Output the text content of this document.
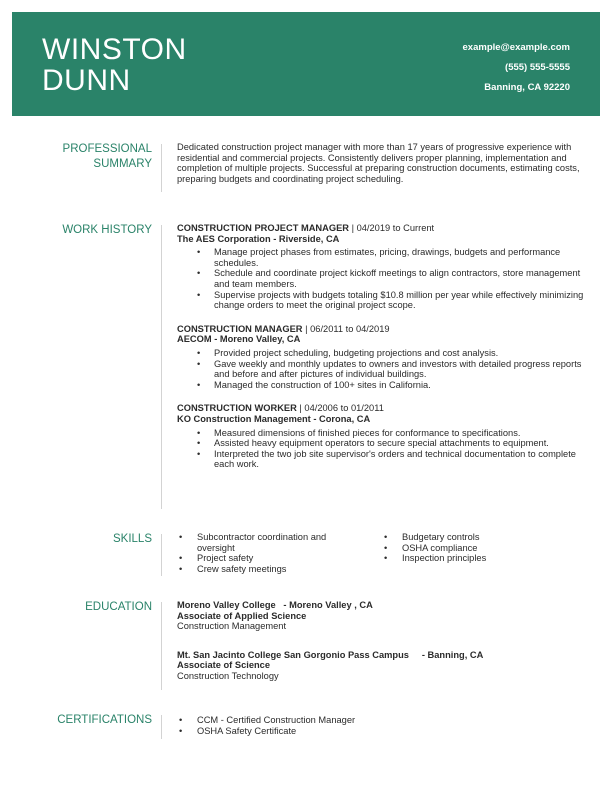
WINSTON
DUNN
example@example.com
(555) 555-5555
Banning, CA 92220
PROFESSIONAL
SUMMARY
Dedicated construction project manager with more than 17 years of progressive experience with residential and commercial projects. Consistently delivers proper planning, implementation and completion of multiple projects. Successful at preparing construction documents, estimating costs, preparing budgets and coordinating project scheduling.
WORK HISTORY	CONSTRUCTION PROJECT MANAGER | 04/2019 to Current
The AES Corporation - Riverside, CA
• Manage project phases from estimates, pricing, drawings, budgets and performance schedules.
• Schedule and coordinate project kickoff meetings to align contractors, store management and team members.
• Supervise projects with budgets totaling $10.8 million per year while effectively minimizing change orders to meet the original project scope.
CONSTRUCTION MANAGER | 06/2011 to 04/2019
AECOM - Moreno Valley, CA
• Provided project scheduling, budgeting projections and cost analysis.
• Gave weekly and monthly updates to owners and investors with detailed progress reports and before and after pictures of individual buildings.
• Managed the construction of 100+ sites in California.
CONSTRUCTION WORKER | 04/2006 to 01/2011
KO Construction Management - Corona, CA
• Measured dimensions of finished pieces for conformance to specifications.
• Assisted heavy equipment operators to secure special attachments to equipment.
• Interpreted the two job site supervisor's orders and technical documentation to complete each work.
SKILLS	• Subcontractor coordination and oversight
• Project safety
• Crew safety meetings
• Budgetary controls
• OSHA compliance
• Inspection principles
EDUCATION	Moreno Valley College   - Moreno Valley , CA
Associate of Applied Science
Construction Management
Mt. San Jacinto College San Gorgonio Pass Campus     - Banning, CA
Associate of Science
Construction Technology
CERTIFICATIONS	• CCM - Certified Construction Manager
• OSHA Safety Certificate
